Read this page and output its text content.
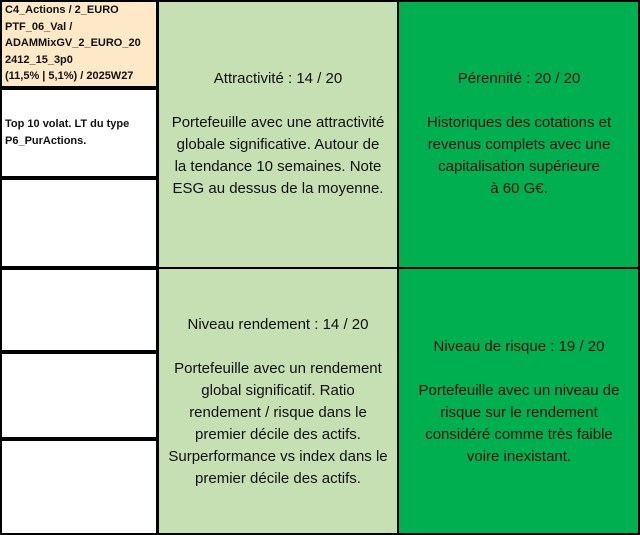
C4_Actions / 2_EURO
PTF_06_Val /
ADAMMixGV_2_EURO_20
2412_15_3p0
(11,5% | 5,1%) / 2025W27
Top 10 volat. LT du type
P6_PurActions.
Attractivité : 14 / 20
Portefeuille avec une attractivité
globale significative. Autour de
la tendance 10 semaines. Note
ESG au dessus de la moyenne.
Pérennité : 20 / 20
Historiques des cotations et
revenus complets avec une
capitalisation supérieure
à 60 G€.
Niveau rendement : 14 / 20
Portefeuille avec un rendement
global significatif. Ratio
rendement / risque dans le
premier décile des actifs.
Surperformance vs index dans le
premier décile des actifs.
Niveau de risque : 19 / 20
Portefeuille avec un niveau de
risque sur le rendement
considéré comme très faible
voire inexistant.
